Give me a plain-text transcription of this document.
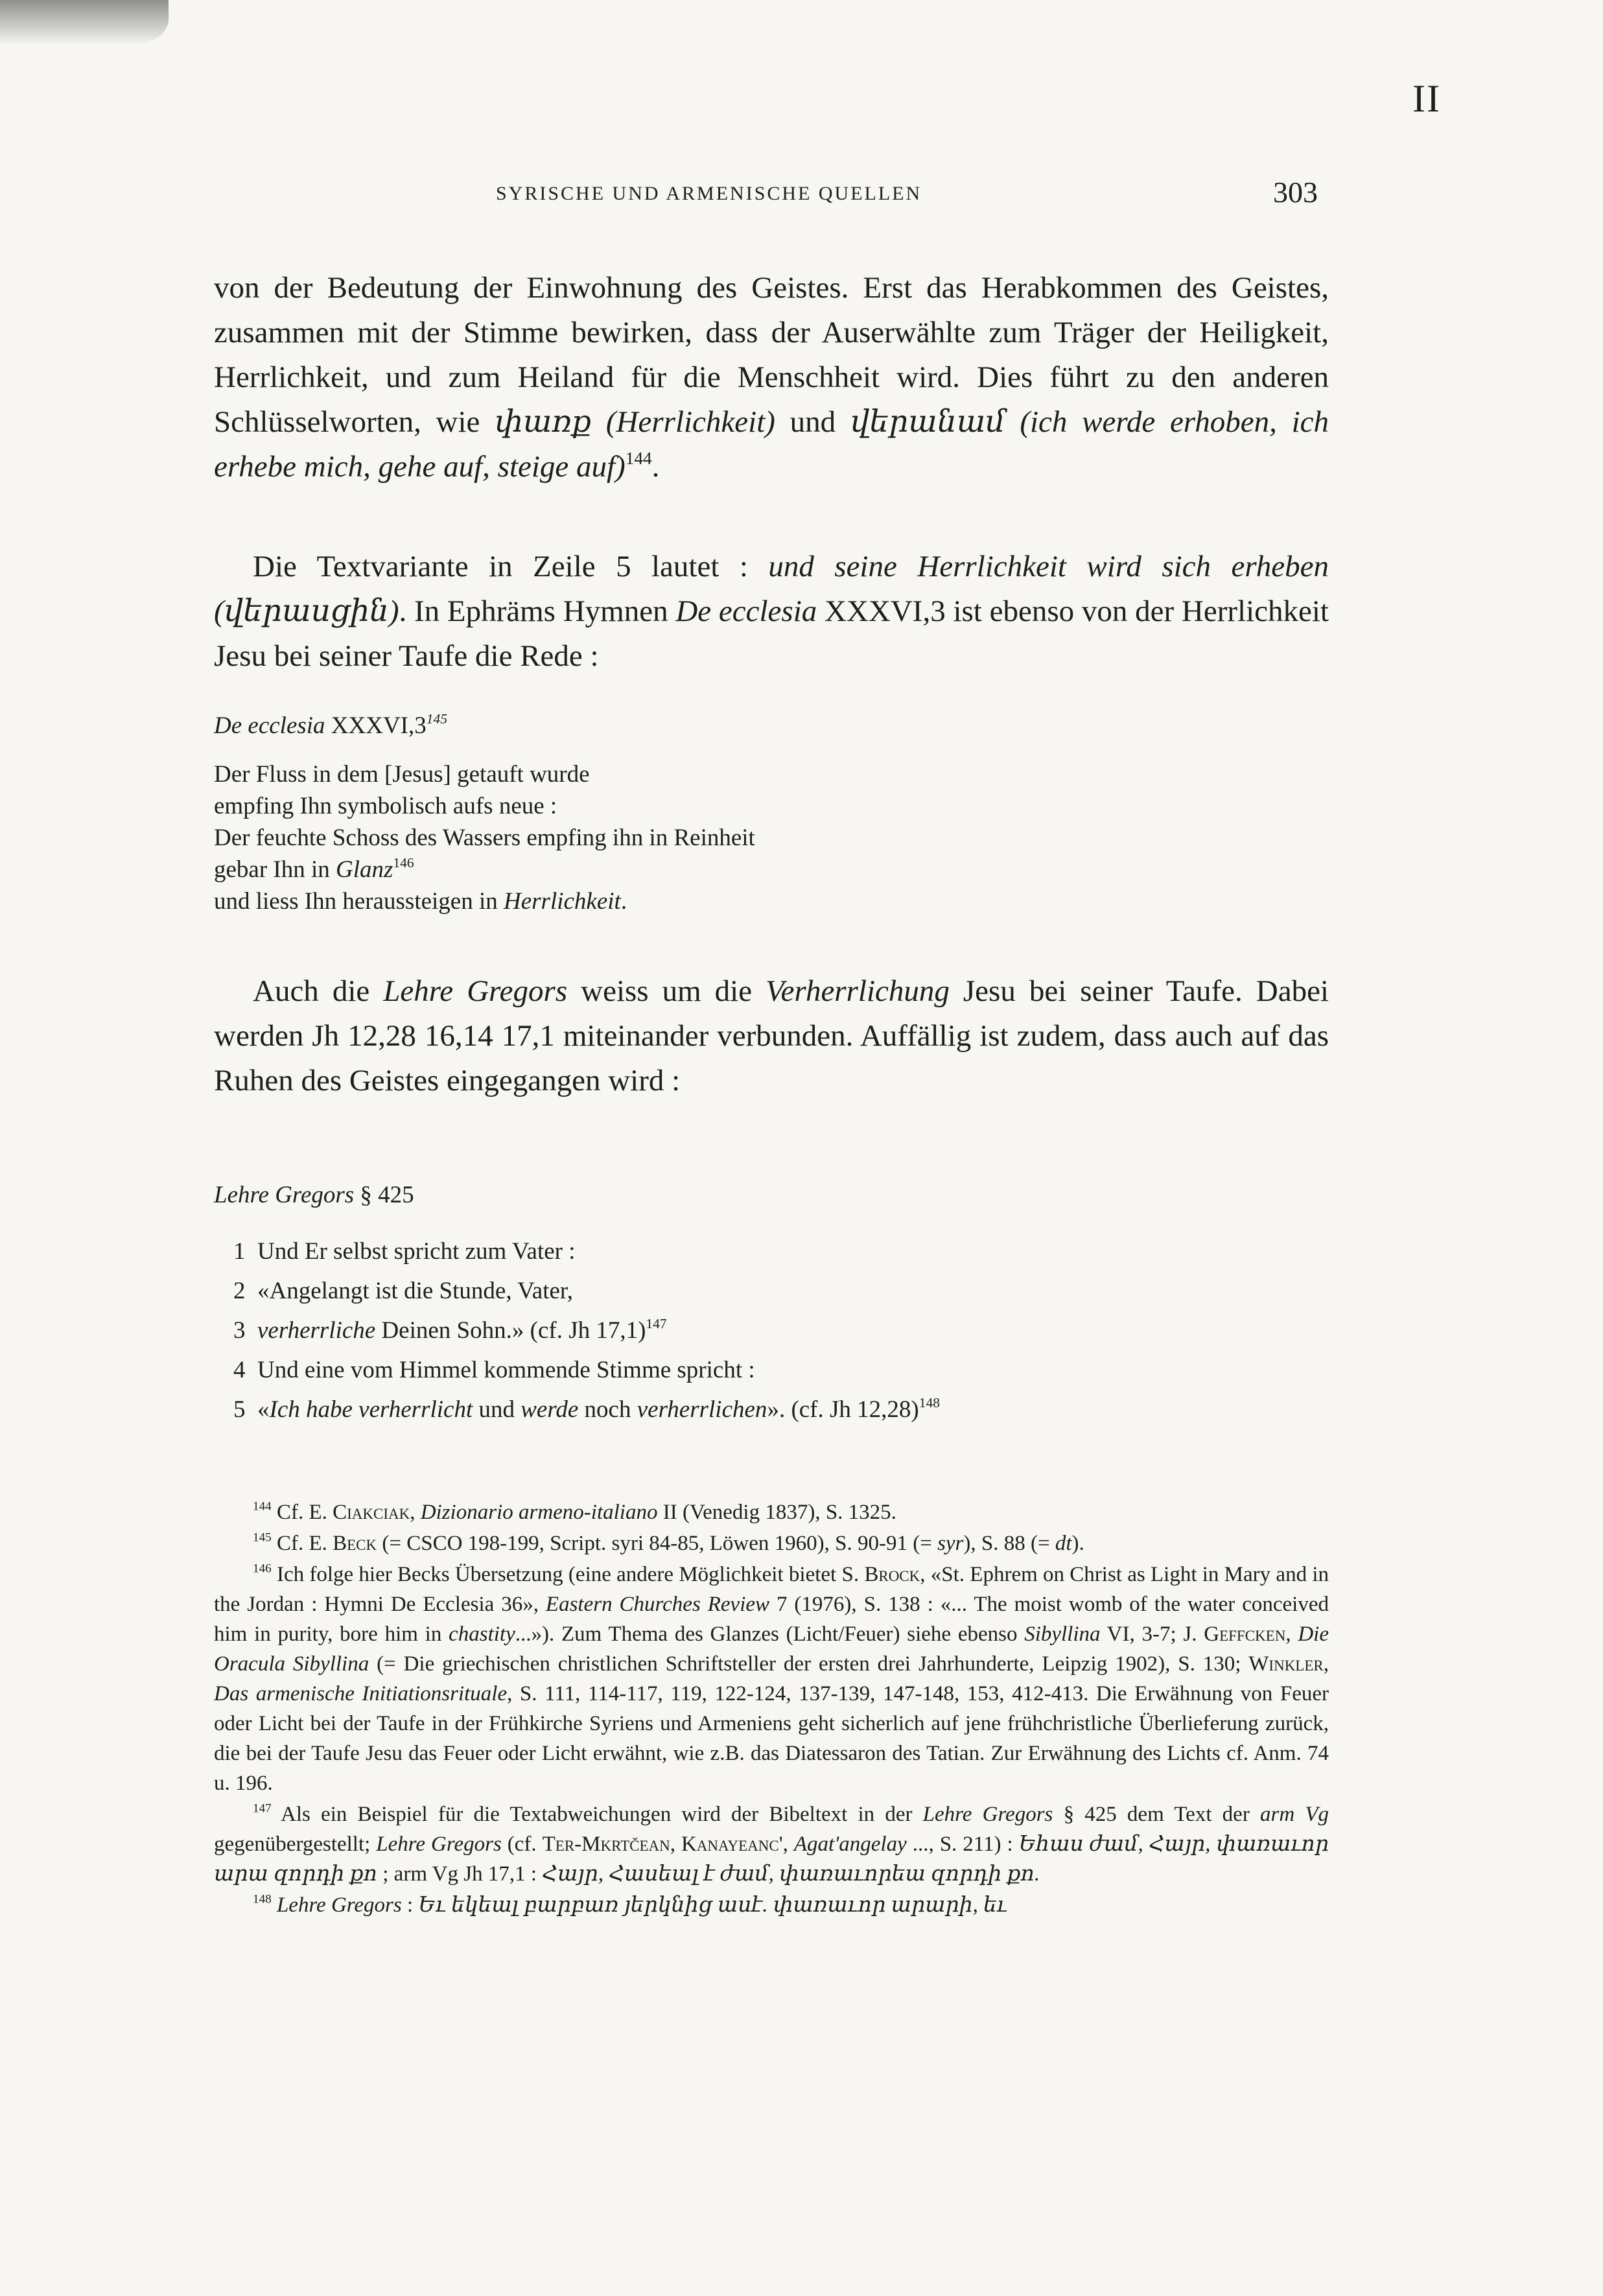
II
SYRISCHE UND ARMENISCHE QUELLEN	303

von der Bedeutung der Einwohnung des Geistes. Erst das Herabkommen des Geistes, zusammen mit der Stimme bewirken, dass der Auserwählte zum Träger der Heiligkeit, Herrlichkeit, und zum Heiland für die Menschheit wird. Dies führt zu den anderen Schlüsselworten, wie փառք (Herrlichkeit) und վերանամ (ich werde erhoben, ich erhebe mich, gehe auf, steige auf)$^{144}$.

Die Textvariante in Zeile 5 lautet : und seine Herrlichkeit wird sich erheben (վերասցին). In Ephräms Hymnen De ecclesia XXXVI,3 ist ebenso von der Herrlichkeit Jesu bei seiner Taufe die Rede :

De ecclesia $XXXVI,3^{145}$
Der Fluss in dem [Jesus] getauft wurde
empfing Ihn symbolisch aufs neue :
Der feuchte Schoss des Wassers empfing ihn in Reinheit
gebar Ihn in Glanz$^{146}$
und liess Ihn heraussteigen in Herrlichkeit.

Auch die Lehre Gregors weiss um die Verherrlichung Jesu bei seiner Taufe. Dabei werden Jh 12,28 16,14 17,1 miteinander verbunden. Auffällig ist zudem, dass auch auf das Ruhen des Geistes eingegangen wird :

Lehre Gregors § 425
1 Und Er selbst spricht zum Vater :
2 «Angelangt ist die Stunde, Vater,
3 verherrliche Deinen Sohn.» (cf. Jh 17,1)$^{147}$
4 Und eine vom Himmel kommende Stimme spricht :
5 «Ich habe verherrlicht und werde noch verherrlichen». (cf. Jh 12,28)$^{148}$

$^{144}$ Cf. E. Ciakciak, Dizionario armeno-italiano II (Venedig 1837), S. 1325.

$^{145}$ Cf. E. Beck (= CSCO 198-199, Script. syri 84-85, Löwen 1960), S. 90-91 (= syr), S. 88 (= dt).

$^{146}$ Ich folge hier Becks Übersetzung (eine andere Möglichkeit bietet S. Brock, «St. Ephrem on Christ as Light in Mary and in the Jordan : Hymni De Ecclesia 36», Eastern Churches Review 7 (1976), S. 138 : «... The moist womb of the water conceived him in purity, bore him in chastity...»). Zum Thema des Glanzes (Licht/Feuer) siehe ebenso Sibyllina VI, 3-7; J. Geffcken, Die Oracula Sibyllina (= Die griechischen christlichen Schriftsteller der ersten drei Jahrhunderte, Leipzig 1902), S. 130; Winkler, Das armenische Initiationsrituale, S. 111, 114-117, 119, 122-124, 137-139, 147-148, 153, 412-413. Die Erwähnung von Feuer oder Licht bei der Taufe in der Frühkirche Syriens und Armeniens geht sicherlich auf jene frühchristliche Überlieferung zurück, die bei der Taufe Jesu das Feuer oder Licht erwähnt, wie z.B. das Diatessaron des Tatian. Zur Erwähnung des Lichts cf. Anm. 74 u. 196.

$^{147}$ Als ein Beispiel für die Textabweichungen wird der Bibeltext in der Lehre Gregors § 425 dem Text der arm Vg gegenübergestellt; Lehre Gregors (cf. Ter-Mkrtčean, Kanayeanc', Agat'angelay ..., S. 211) : Եհաս ժամ, Հայր, փառաւոր արա զորդի քո ; arm Vg Jh 17,1 : Հայր, Հասեալ է ժամ, փառաւորեա զորդի քո.

$^{148}$ Lehre Gregors : Եւ եկեալ բարբառ յերկնից ասէ. փառաւոր արարի, եւ
